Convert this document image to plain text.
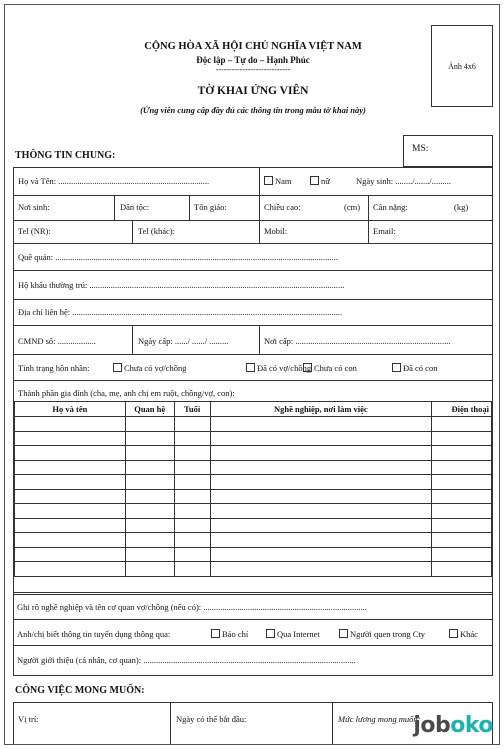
CỘNG HÒA XÃ HỘI CHỦ NGHĨA VIỆT NAM
Độc lập – Tự do – Hạnh Phúc
----------------------------
TỜ KHAI ỨNG VIÊN
(Ứng viên cung cấp đầy đủ các thông tin trong mẫu tờ khai này)
Ảnh 4x6
MS:
THÔNG TIN CHUNG:
Họ và Tên: .......................................................................	Nam	nữ	Ngày sinh: ......../......./.........
Nơi sinh:	Dân tộc:	Tôn giáo:	Chiều cao:	(cm) Cân nặng:	(kg)
Tel (NR):	Tel (khác):	Mobil:	Email:
Quê quán: .....................................................................................................................................
Hộ khẩu thường trú: ........................................................................................................................
Địa chỉ liên hệ: ...............................................................................................................................
CMND số: ..................	Ngày cấp: ....../ ....../ .........	Nơi cấp: .........................................................................
Tình trạng hôn nhân:	Chưa có vợ/chồng	Đã có vợ/chồng Chưa có con	Đã có con
Thành phần gia đình (cha, mẹ, anh chị em ruột, chồng/vợ, con):
Họ và tên	Quan hệ	Tuổi	Nghề nghiệp, nơi làm việc	Điện thoại

Ghi rõ nghề nghiệp và tên cơ quan vợ/chồng (nếu có): .............................................................................
Anh/chị biết thông tin tuyển dụng thông qua:	Báo chí	Qua Internet	Người quen trong Cty	Khác
Người giới thiệu (cá nhân, cơ quan): ....................................................................................................
CÔNG VIỆC MONG MUỐN:
Vị trí:	Ngày có thể bắt đầu:	Mức lương mong muốn:
joboko
